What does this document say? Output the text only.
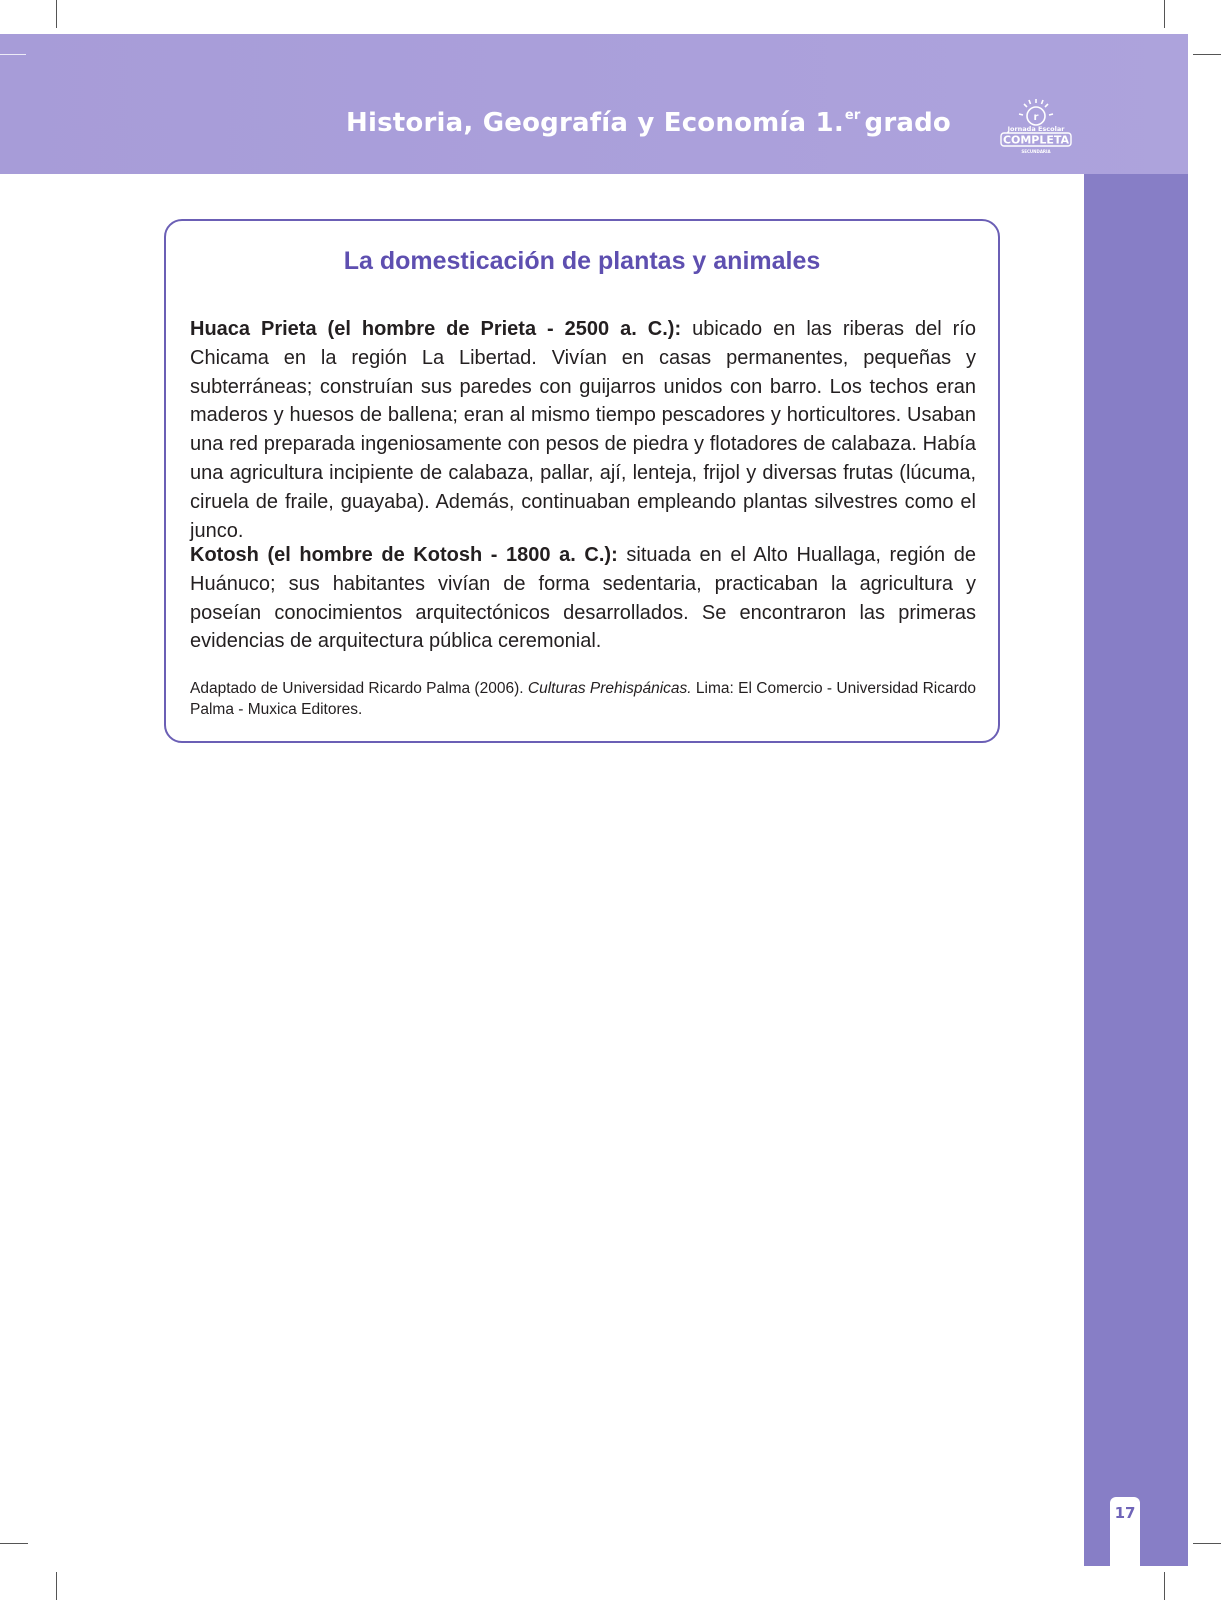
Historia, Geografía y Economía 1.$^{er}$ grado	r
Jornada Escolar
COMPLETA
SECUNDARIA
17
La domesticación de plantas y animales
Huaca Prieta (el hombre de Prieta - 2500 a. C.): ubicado en las riberas del río Chicama en la región La Libertad. Vivían en casas permanentes, pequeñas y subterráneas; construían sus paredes con guijarros unidos con barro. Los techos eran maderos y huesos de ballena; eran al mismo tiempo pescadores y horticultores. Usaban una red preparada ingeniosamente con pesos de piedra y flotadores de calabaza. Había una agricultura incipiente de calabaza, pallar, ají, lenteja, frijol y diversas frutas (lúcuma, ciruela de fraile, guayaba). Además, continuaban empleando plantas silvestres como el junco.
Kotosh (el hombre de Kotosh - 1800 a. C.): situada en el Alto Huallaga, región de Huánuco; sus habitantes vivían de forma sedentaria, practicaban la agricultura y poseían conocimientos arquitectónicos desarrollados. Se encontraron las primeras evidencias de arquitectura pública ceremonial.
Adaptado de Universidad Ricardo Palma (2006). Culturas Prehispánicas. Lima: El Comercio - Universidad Ricardo Palma - Muxica Editores.
